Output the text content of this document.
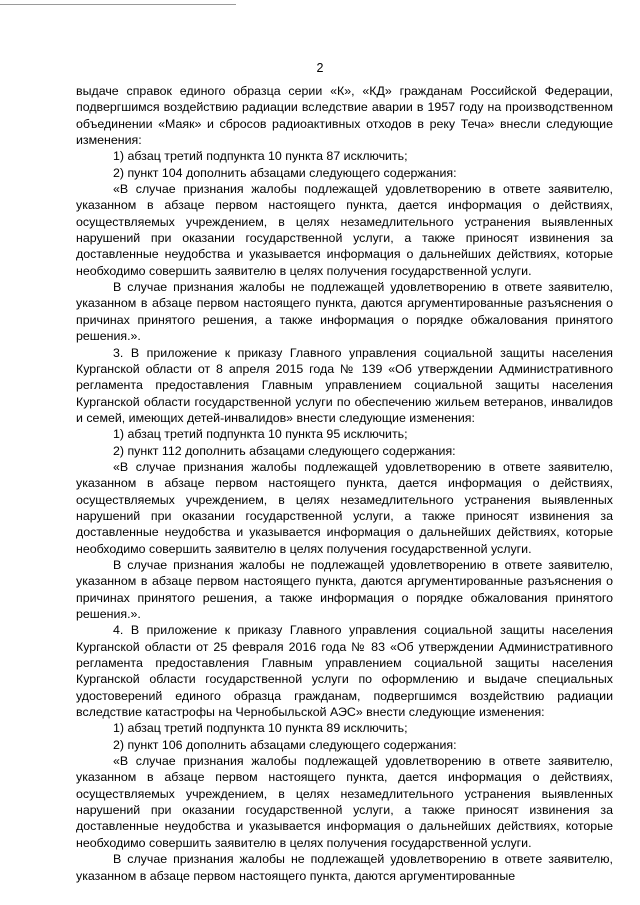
2

выдаче справок единого образца серии «К», «КД» гражданам Российской Федерации, подвергшимся воздействию радиации вследствие аварии в 1957 году на производственном объединении «Маяк» и сбросов радиоактивных отходов в реку Теча» внесли следующие изменения:

1) абзац третий подпункта 10 пункта 87 исключить;

2) пункт 104 дополнить абзацами следующего содержания:

«В случае признания жалобы подлежащей удовлетворению в ответе заявителю, указанном в абзаце первом настоящего пункта, дается информация о действиях, осуществляемых учреждением, в целях незамедлительного устранения выявленных нарушений при оказании государственной услуги, а также приносят извинения за доставленные неудобства и указывается информация о дальнейших действиях, которые необходимо совершить заявителю в целях получения государственной услуги.

В случае признания жалобы не подлежащей удовлетворению в ответе заявителю, указанном в абзаце первом настоящего пункта, даются аргументированные разъяснения о причинах принятого решения, а также информация о порядке обжалования принятого решения.».

3. В приложение к приказу Главного управления социальной защиты населения Курганской области от 8 апреля 2015 года № 139 «Об утверждении Административного регламента предоставления Главным управлением социальной защиты населения Курганской области государственной услуги по обеспечению жильем ветеранов, инвалидов и семей, имеющих детей-инвалидов» внести следующие изменения:

1) абзац третий подпункта 10 пункта 95 исключить;

2) пункт 112 дополнить абзацами следующего содержания:

«В случае признания жалобы подлежащей удовлетворению в ответе заявителю, указанном в абзаце первом настоящего пункта, дается информация о действиях, осуществляемых учреждением, в целях незамедлительного устранения выявленных нарушений при оказании государственной услуги, а также приносят извинения за доставленные неудобства и указывается информация о дальнейших действиях, которые необходимо совершить заявителю в целях получения государственной услуги.

В случае признания жалобы не подлежащей удовлетворению в ответе заявителю, указанном в абзаце первом настоящего пункта, даются аргументированные разъяснения о причинах принятого решения, а также информация о порядке обжалования принятого решения.».

4. В приложение к приказу Главного управления социальной защиты населения Курганской области от 25 февраля 2016 года № 83 «Об утверждении Административного регламента предоставления Главным управлением социальной защиты населения Курганской области государственной услуги по оформлению и выдаче специальных удостоверений единого образца гражданам, подвергшимся воздействию радиации вследствие катастрофы на Чернобыльской АЭС» внести следующие изменения:

1) абзац третий подпункта 10 пункта 89 исключить;

2) пункт 106 дополнить абзацами следующего содержания:

«В случае признания жалобы подлежащей удовлетворению в ответе заявителю, указанном в абзаце первом настоящего пункта, дается информация о действиях, осуществляемых учреждением, в целях незамедлительного устранения выявленных нарушений при оказании государственной услуги, а также приносят извинения за доставленные неудобства и указывается информация о дальнейших действиях, которые необходимо совершить заявителю в целях получения государственной услуги.

В случае признания жалобы не подлежащей удовлетворению в ответе заявителю, указанном в абзаце первом настоящего пункта, даются аргументированные
